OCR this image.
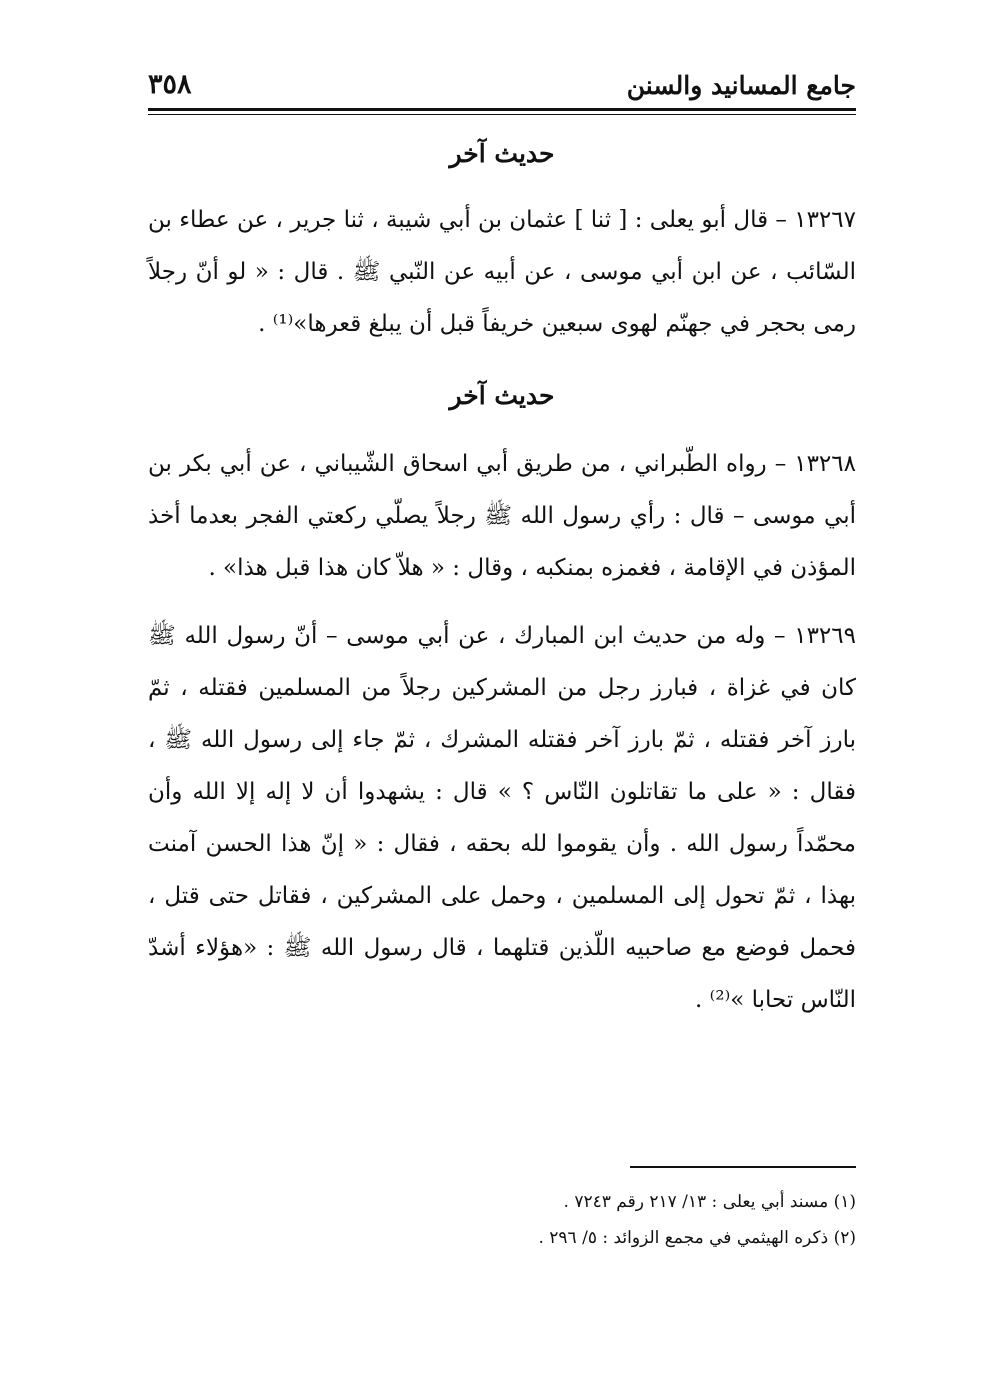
جامع المسانيد والسنن
٣٥٨
حديث آخر

١٣٢٦٧ – قال أبو يعلى : [ ثنا ] عثمان بن أبي شيبة ، ثنا جرير ، عن عطاء بن السّائب ، عن ابن أبي موسى ، عن أبيه عن النّبي ﷺ . قال : « لو أنّ رجلاً رمى بحجر في جهنّم لهوى سبعين خريفاً قبل أن يبلغ قعرها»⁽¹⁾ .

حديث آخر

١٣٢٦٨ – رواه الطّبراني ، من طريق أبي اسحاق الشّيباني ، عن أبي بكر بن أبي موسى – قال : رأي رسول الله ﷺ رجلاً يصلّي ركعتي الفجر بعدما أخذ المؤذن في الإقامة ، فغمزه بمنكبه ، وقال : « هلاّ كان هذا قبل هذا» .

١٣٢٦٩ – وله من حديث ابن المبارك ، عن أبي موسى – أنّ رسول الله ﷺ كان في غزاة ، فبارز رجل من المشركين رجلاً من المسلمين فقتله ، ثمّ بارز آخر فقتله ، ثمّ بارز آخر فقتله المشرك ، ثمّ جاء إلى رسول الله ﷺ ، فقال : « على ما تقاتلون النّاس ؟ » قال : يشهدوا أن لا إله إلا الله وأن محمّداً رسول الله . وأن يقوموا لله بحقه ، فقال : « إنّ هذا الحسن آمنت بهذا ، ثمّ تحول إلى المسلمين ، وحمل على المشركين ، فقاتل حتى قتل ، فحمل فوضع مع صاحبيه اللّذين قتلهما ، قال رسول الله ﷺ : «هؤلاء أشدّ النّاس تحابا »⁽²⁾ .

(١) مسند أبي يعلى : ١٣/ ٢١٧ رقم ٧٢٤٣ .

(٢) ذكره الهيثمي في مجمع الزوائد : ٥/ ٢٩٦ .
